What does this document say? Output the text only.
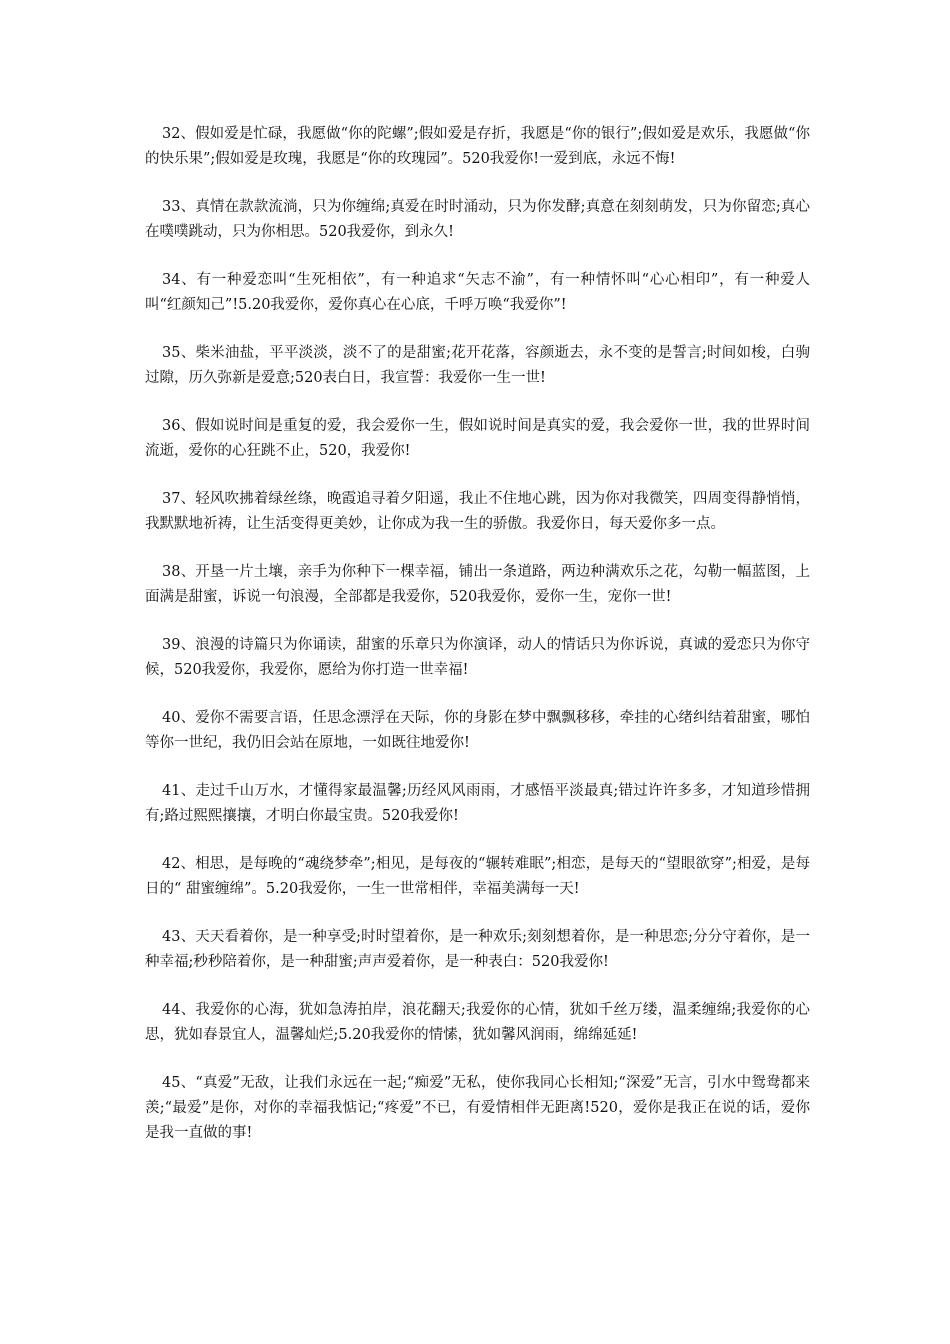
32、假如爱是忙碌，我愿做“你的陀螺”;假如爱是存折，我愿是“你的银行”;假如爱是欢乐，我愿做“你的快乐果”;假如爱是玫瑰，我愿是“你的玫瑰园”。520我爱你!一爱到底，永远不悔!

33、真情在款款流淌，只为你缠绵;真爱在时时涌动，只为你发酵;真意在刻刻萌发，只为你留恋;真心在噗噗跳动，只为你相思。520我爱你，到永久!

34、有一种爱恋叫“生死相依”，有一种追求“矢志不渝”，有一种情怀叫“心心相印”，有一种爱人叫“红颜知己”!5.20我爱你，爱你真心在心底，千呼万唤“我爱你”!

35、柴米油盐，平平淡淡，淡不了的是甜蜜;花开花落，容颜逝去，永不变的是誓言;时间如梭，白驹过隙，历久弥新是爱意;520表白日，我宣誓：我爱你一生一世!

36、假如说时间是重复的爱，我会爱你一生，假如说时间是真实的爱，我会爱你一世，我的世界时间流逝，爱你的心狂跳不止，520，我爱你!

37、轻风吹拂着绿丝绦，晚霞追寻着夕阳遥，我止不住地心跳，因为你对我微笑，四周变得静悄悄，我默默地祈祷，让生活变得更美妙，让你成为我一生的骄傲。我爱你日，每天爱你多一点。

38、开垦一片土壤，亲手为你种下一棵幸福，铺出一条道路，两边种满欢乐之花，勾勒一幅蓝图，上面满是甜蜜，诉说一句浪漫，全部都是我爱你，520我爱你，爱你一生，宠你一世!

39、浪漫的诗篇只为你诵读，甜蜜的乐章只为你演译，动人的情话只为你诉说，真诚的爱恋只为你守候，520我爱你，我爱你，愿给为你打造一世幸福!

40、爱你不需要言语，任思念漂浮在天际，你的身影在梦中飘飘移移，牵挂的心绪纠结着甜蜜，哪怕等你一世纪，我仍旧会站在原地，一如既往地爱你!

41、走过千山万水，才懂得家最温馨;历经风风雨雨，才感悟平淡最真;错过许许多多，才知道珍惜拥有;路过熙熙攘攘，才明白你最宝贵。520我爱你!

42、相思，是每晚的“魂绕梦牵”;相见，是每夜的“辗转难眠”;相恋，是每天的“望眼欲穿”;相爱，是每日的“ 甜蜜缠绵”。5.20我爱你，一生一世常相伴，幸福美满每一天!

43、天天看着你，是一种享受;时时望着你，是一种欢乐;刻刻想着你，是一种思恋;分分守着你，是一种幸福;秒秒陪着你，是一种甜蜜;声声爱着你，是一种表白：520我爱你!

44、我爱你的心海，犹如急涛拍岸，浪花翻天;我爱你的心情，犹如千丝万缕，温柔缠绵;我爱你的心思，犹如春景宜人，温馨灿烂;5.20我爱你的情愫，犹如馨风润雨，绵绵延延!

45、“真爱”无敌，让我们永远在一起;“痴爱”无私，使你我同心长相知;“深爱”无言，引水中鸳鸯都来羡;“最爱”是你，对你的幸福我惦记;“疼爱”不已，有爱情相伴无距离!520，爱你是我正在说的话，爱你是我一直做的事!
